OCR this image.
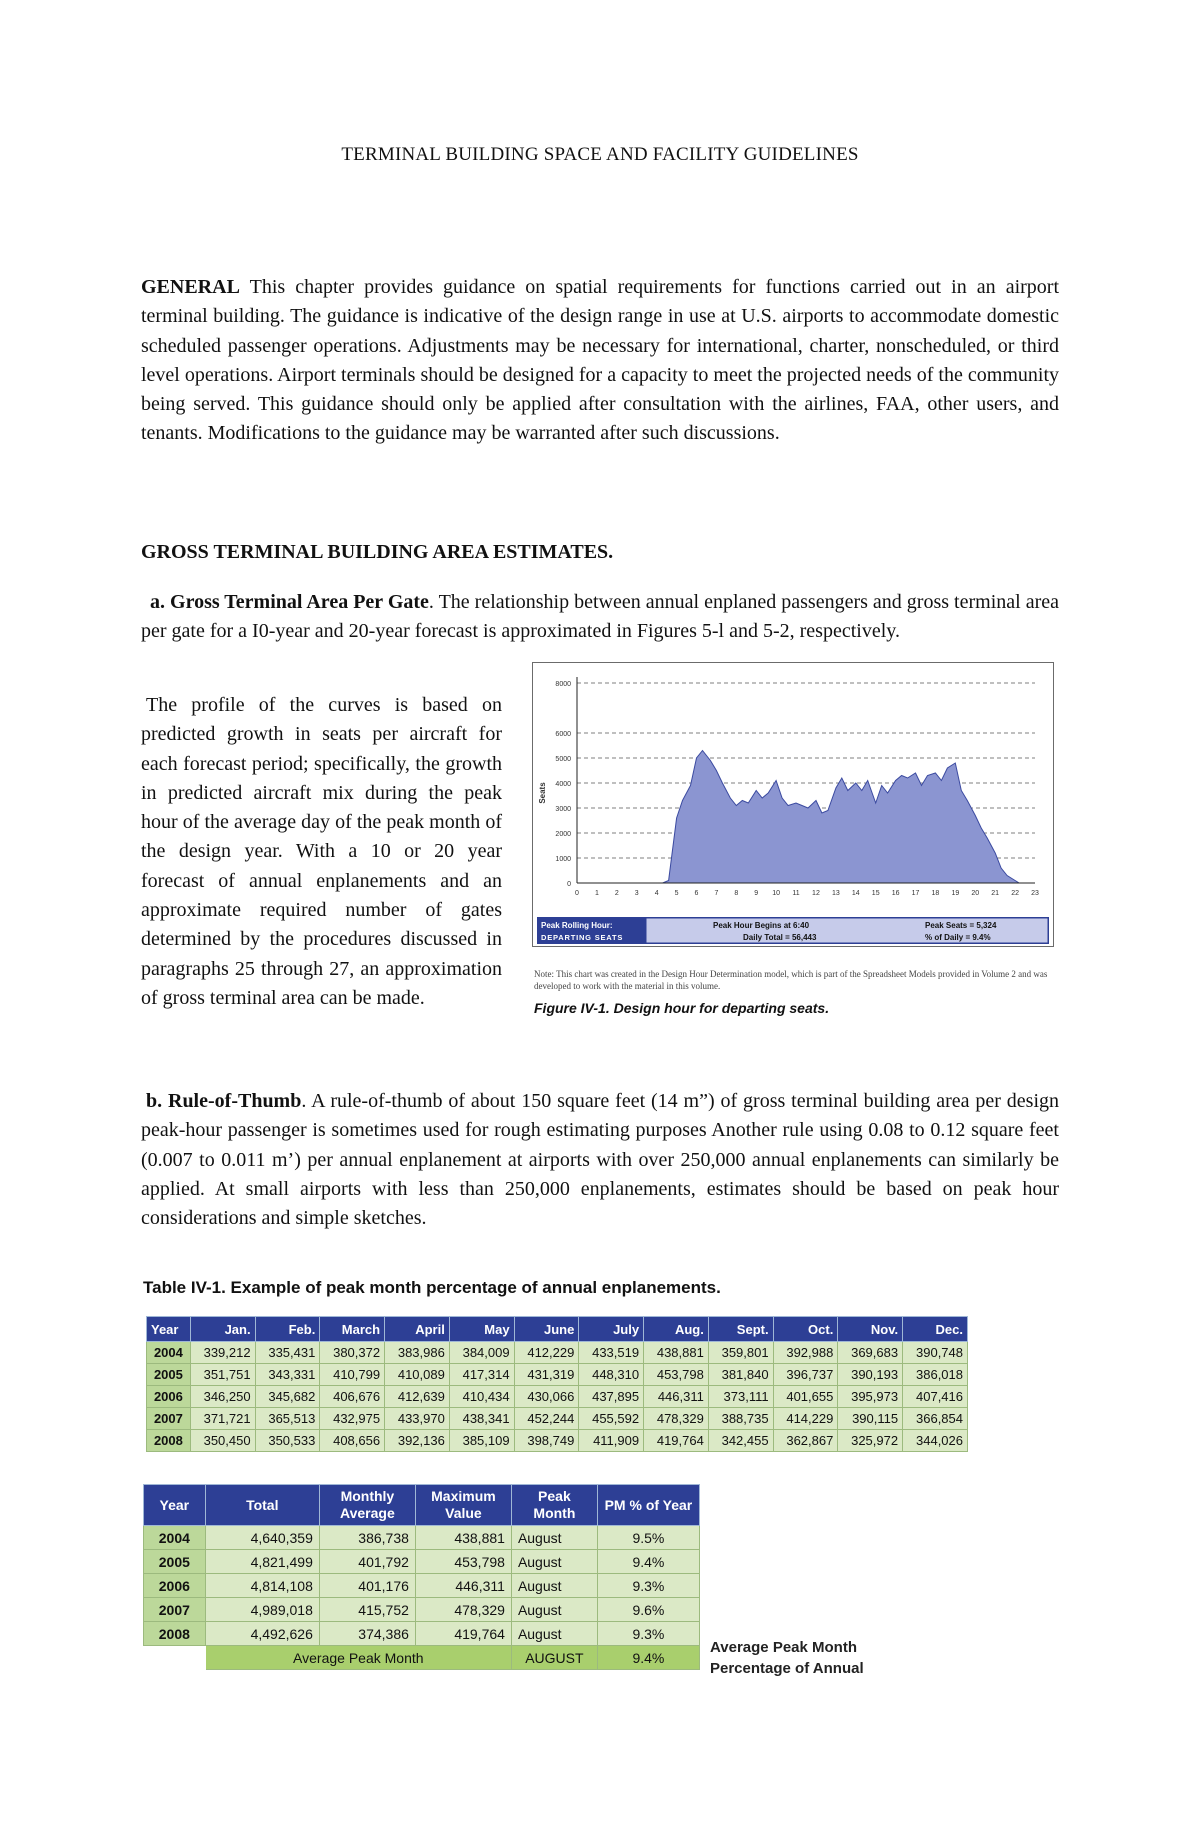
TERMINAL BUILDING SPACE AND FACILITY GUIDELINES
GENERAL This chapter provides guidance on spatial requirements for functions carried out in an airport terminal building. The guidance is indicative of the design range in use at U.S. airports to accommodate domestic scheduled passenger operations. Adjustments may be necessary for international, charter, nonscheduled, or third level operations. Airport terminals should be designed for a capacity to meet the projected needs of the community being served. This guidance should only be applied after consultation with the airlines, FAA, other users, and tenants. Modifications to the guidance may be warranted after such discussions.
GROSS TERMINAL BUILDING AREA ESTIMATES.
a. Gross Terminal Area Per Gate. The relationship between annual enplaned passengers and gross terminal area per gate for a I0-year and 20-year forecast is approximated in Figures 5-l and 5-2, respectively.
The profile of the curves is based on predicted growth in seats per aircraft for each forecast period; specifically, the growth in predicted aircraft mix during the peak hour of the average day of the peak month of the design year. With a 10 or 20 year forecast of annual enplanements and an approximate required number of gates determined by the procedures discussed in paragraphs 25 through 27, an approximation of gross terminal area can be made.
0
1000
2000
3000
4000
5000
6000
8000
0 1 2 3 4 5 6 7 8 9 10 11 12 13 14 15 16 17 18 19 20 21 22 23
Seats
Peak Rolling Hour:
DEPARTING SEATS
Peak Hour Begins at 6:40
Daily Total = 56,443
Peak Seats = 5,324
% of Daily = 9.4%
Note: This chart was created in the Design Hour Determination model, which is part of the Spreadsheet Models provided in Volume 2 and was developed to work with the material in this volume.
Figure IV-1. Design hour for departing seats.
b. Rule-of-Thumb. A rule-of-thumb of about 150 square feet (14 m”) of gross terminal building area per design peak-hour passenger is sometimes used for rough estimating purposes Another rule using 0.08 to 0.12 square feet (0.007 to 0.011 m’) per annual enplanement at airports with over 250,000 annual enplanements can similarly be applied. At small airports with less than 250,000 enplanements, estimates should be based on peak hour considerations and simple sketches.
Table IV-1. Example of peak month percentage of annual enplanements.
Year	Jan.	Feb.	March	April	May	June	July	Aug.	Sept.	Oct.	Nov.	Dec.
2004	339,212	335,431	380,372	383,986	384,009	412,229	433,519	438,881	359,801	392,988	369,683	390,748
2005	351,751	343,331	410,799	410,089	417,314	431,319	448,310	453,798	381,840	396,737	390,193	386,018
2006	346,250	345,682	406,676	412,639	410,434	430,066	437,895	446,311	373,111	401,655	395,973	407,416
2007	371,721	365,513	432,975	433,970	438,341	452,244	455,592	478,329	388,735	414,229	390,115	366,854
2008	350,450	350,533	408,656	392,136	385,109	398,749	411,909	419,764	342,455	362,867	325,972	344,026
Year	Total	Monthly Average	Maximum Value	Peak Month	PM % of Year
2004	4,640,359	386,738	438,881	August	9.5%
2005	4,821,499	401,792	453,798	August	9.4%
2006	4,814,108	401,176	446,311	August	9.3%
2007	4,989,018	415,752	478,329	August	9.6%
2008	4,492,626	374,386	419,764	August	9.3%
	Average Peak Month			AUGUST	9.4%
Average Peak Month
Percentage of Annual
